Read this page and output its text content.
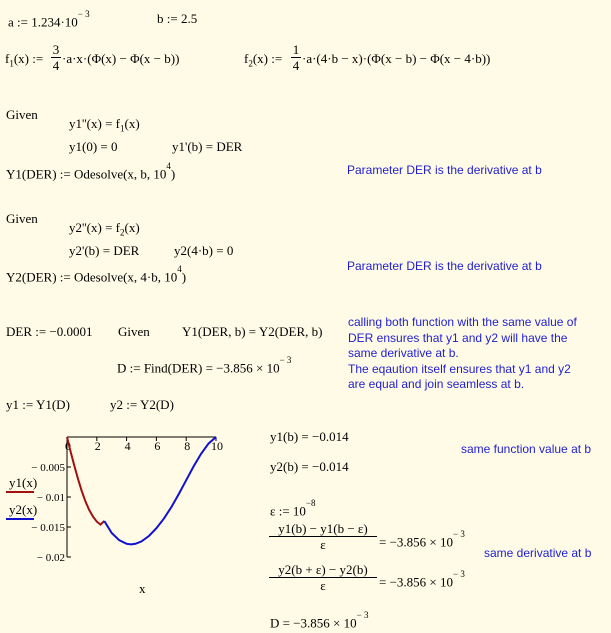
a := $1.234\cdot 10^{- 3}$	b := 2.5
$f_1(x)$ := $\frac{3}{4} \cdot a\cdot x\cdot(\Phi(x) - \Phi(x - b))$	$f_2(x)$ := $\frac{1}{4} \cdot a\cdot(4\cdot b - x)\cdot(\Phi(x - b) - \Phi(x - 4\cdot b))$
Given
$y1''(x) = f_1(x)$
y1(0) = 0	y1'(b) = DER
Y1(DER) := Odesolve(x, b, $10^4$)	Parameter DER is the derivative at b
Given
$y2''(x) = f_2(x)$
y2'(b) = DER	y2(4·b) = 0
Y2(DER) := Odesolve(x, 4·b, $10^4$)
Parameter DER is the derivative at b
DER := −0.0001 Given Y1(DER, b) = Y2(DER, b)
D := Find(DER) = $-3.856 \times 10^{- 3}$
calling both function with the same value of
DER ensures that y1 and y2 will have the
same derivative at b.
The eqaution itself ensures that y1 and y2
are equal and join seamless at b.
y1 := Y1(D)	y2 := Y2(D)
0 2 4 6 8 10
− 0.005
− 0.01
− 0.015
− 0.02
y1(x)
y2(x)
x
y1(b) = −0.014
y2(b) = −0.014
same function value at b
ε := $10^{-8}$
$\frac{y1(b) - y1(b - \varepsilon)}{\varepsilon} = -3.856 \times 10^{- 3}$
$\frac{y2(b + \varepsilon) - y2(b)}{\varepsilon} = -3.856 \times 10^{- 3}$
same derivative at b
$D = -3.856 \times 10^{- 3}$
